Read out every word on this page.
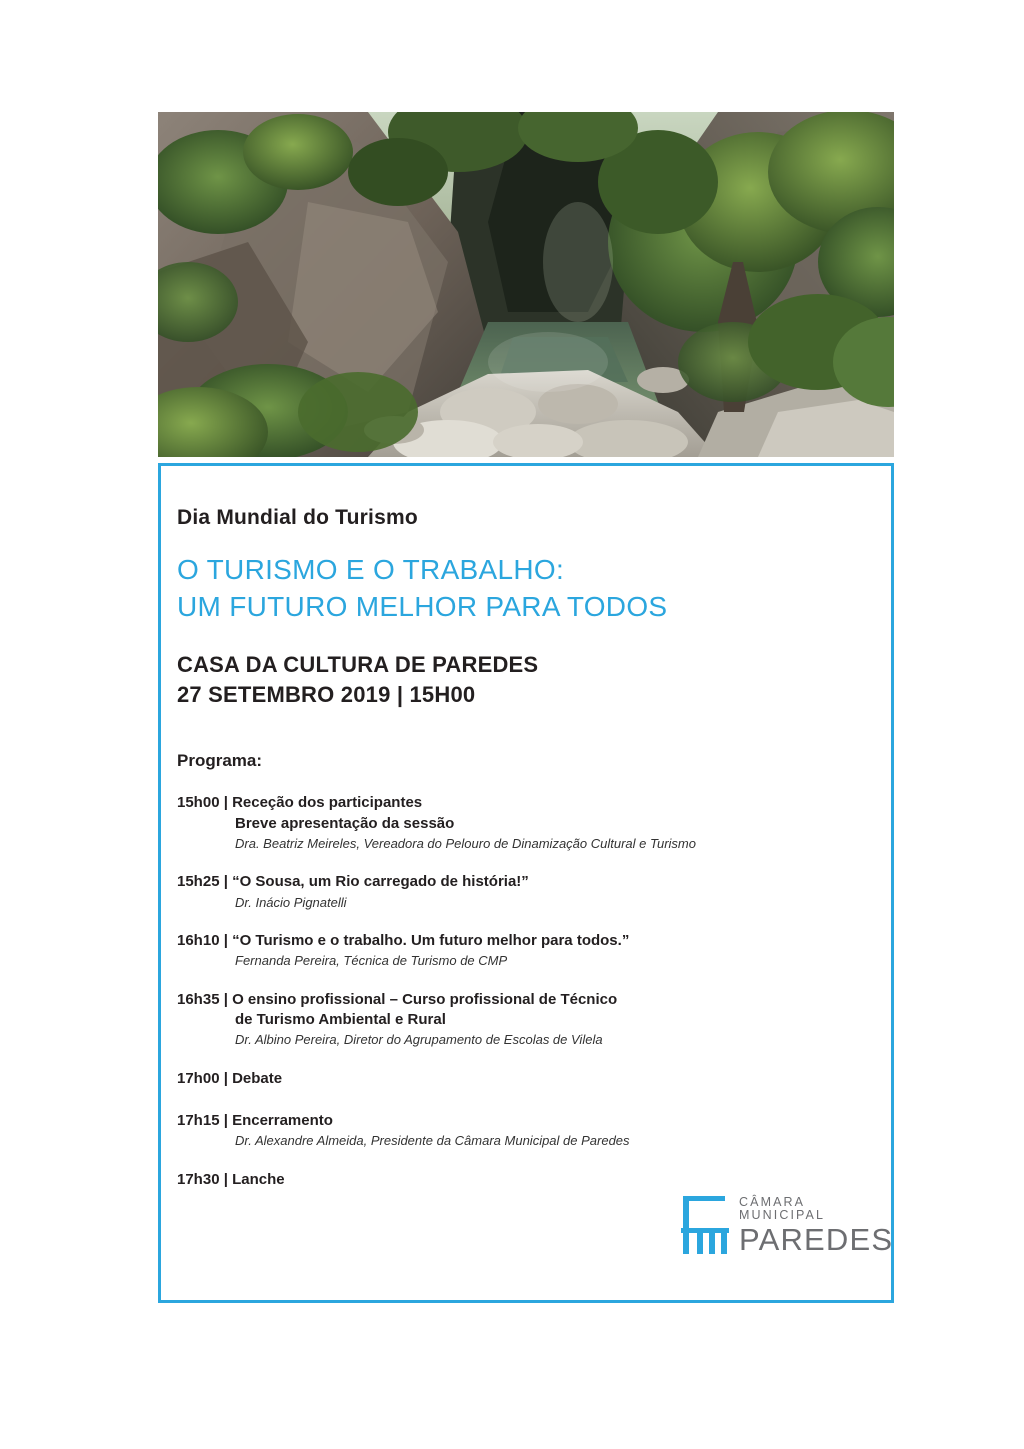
Dia Mundial do Turismo
O TURISMO E O TRABALHO:
UM FUTURO MELHOR PARA TODOS
CASA DA CULTURA DE PAREDES
27 SETEMBRO 2019 | 15H00
Programa:
15h00 | Receção dos participantes
Breve apresentação da sessão
Dra. Beatriz Meireles, Vereadora do Pelouro de Dinamização Cultural e Turismo
15h25 | “O Sousa, um Rio carregado de história!”
Dr. Inácio Pignatelli
16h10 | “O Turismo e o trabalho. Um futuro melhor para todos.”
Fernanda Pereira, Técnica de Turismo de CMP
16h35 | O ensino profissional – Curso profissional de Técnico
de Turismo Ambiental e Rural
Dr. Albino Pereira, Diretor do Agrupamento de Escolas de Vilela
17h00 | Debate
17h15 | Encerramento
Dr. Alexandre Almeida, Presidente da Câmara Municipal de Paredes
17h30 | Lanche
CÂMARA MUNICIPAL
PAREDES
